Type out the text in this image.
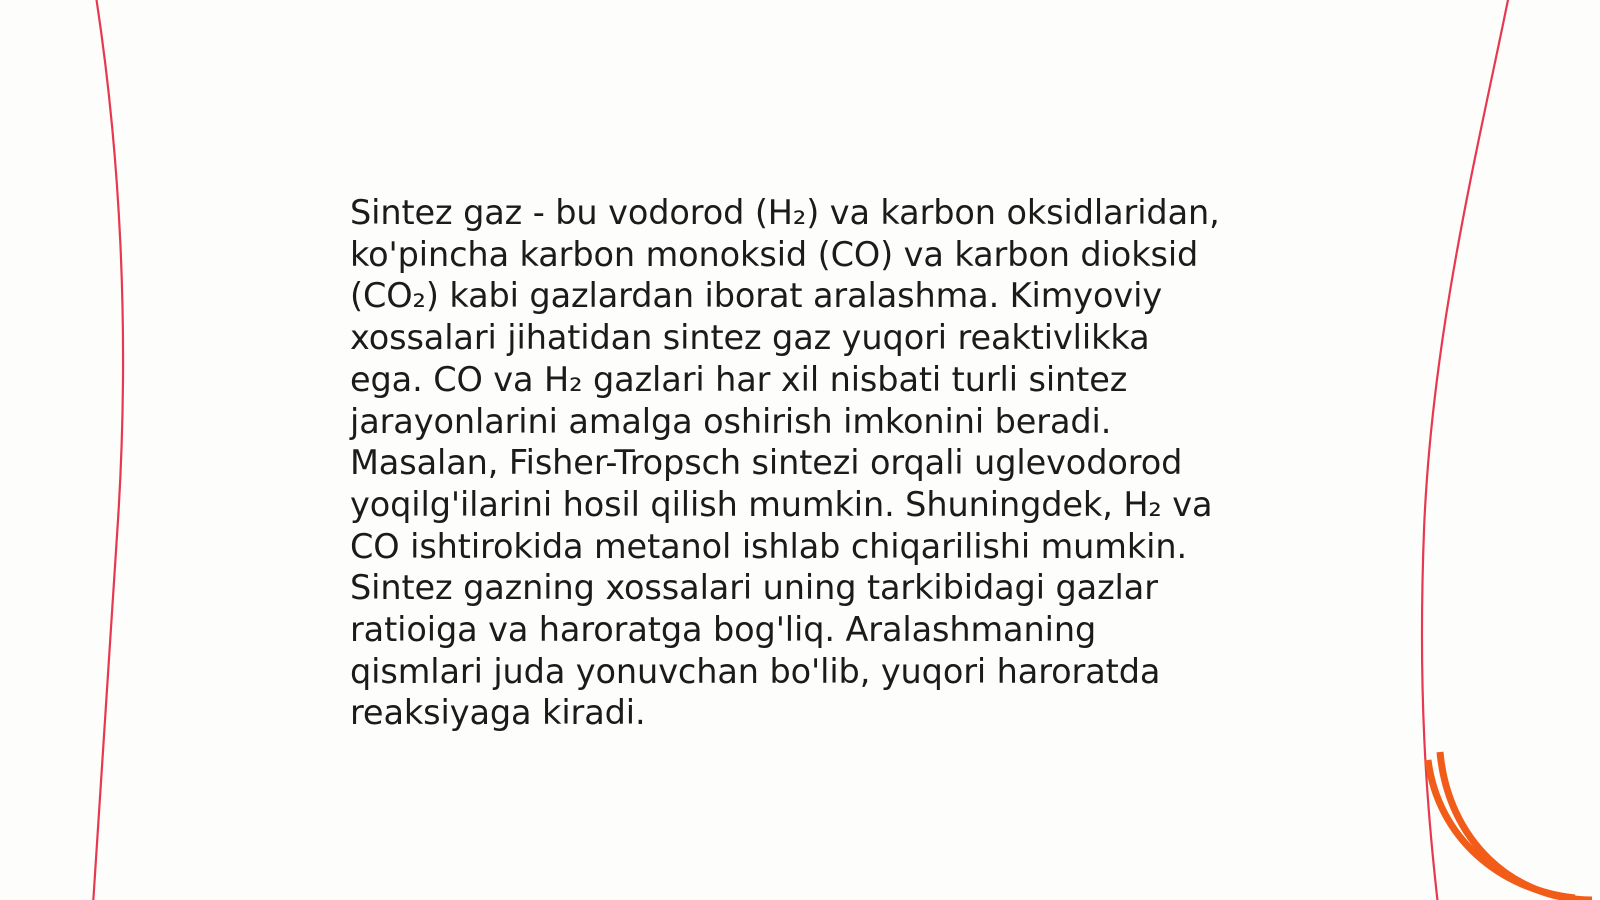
Sintez gaz - bu vodorod (H₂) va karbon oksidlaridan, ko'pincha karbon monoksid (CO) va karbon dioksid (CO₂) kabi gazlardan iborat aralashma. Kimyoviy xossalari jihatidan sintez gaz yuqori reaktivlikka ega. CO va H₂ gazlari har xil nisbati turli sintez jarayonlarini amalga oshirish imkonini beradi. Masalan, Fisher-Tropsch sintezi orqali uglevodorod yoqilg'ilarini hosil qilish mumkin. Shuningdek, H₂ va CO ishtirokida metanol ishlab chiqarilishi mumkin. Sintez gazning xossalari uning tarkibidagi gazlar ratioiga va haroratga bog'liq. Aralashmaning qismlari juda yonuvchan bo'lib, yuqori haroratda reaksiyaga kiradi.
